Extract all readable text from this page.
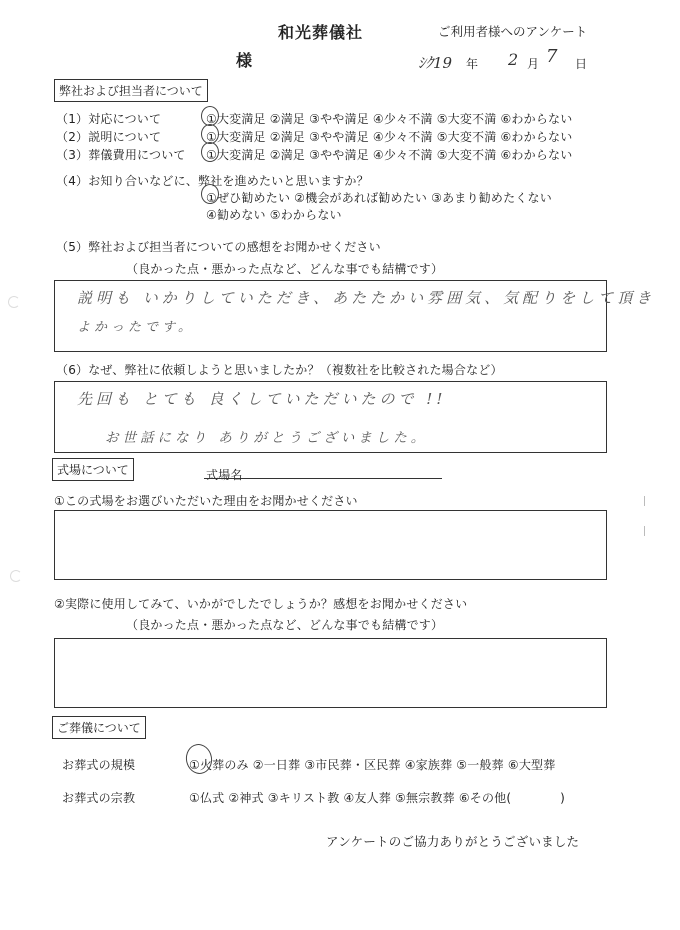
和光葬儀社	ご利用者様へのアンケート
様	ｼｸ19 年 2 月 7 日
弊社および担当者について
（1）対応について	①大変満足 ②満足 ③やや満足 ④少々不満 ⑤大変不満 ⑥わからない
（2）説明について	①大変満足 ②満足 ③やや満足 ④少々不満 ⑤大変不満 ⑥わからない
（3）葬儀費用について ①大変満足 ②満足 ③やや満足 ④少々不満 ⑤大変不満 ⑥わからない
（4）お知り合いなどに、弊社を進めたいと思いますか？
①ぜひ勧めたい ②機会があれば勧めたい ③あまり勧めたくない
④勧めない ⑤わからない
（5）弊社および担当者についての感想をお聞かせください
（良かった点・悪かった点など、どんな事でも結構です）
説明も いかりしていただき、あたたかい雰囲気、気配りをして頂き
よかったです。
（6）なぜ、弊社に依頼しようと思いましたか？（複数社を比較された場合など）
先回も とても 良くしていただいたので !!
お世話になり ありがとうございました。
式場について	式場名
①この式場をお選びいただいた理由をお聞かせください
②実際に使用してみて、いかがでしたでしょうか？感想をお聞かせください
（良かった点・悪かった点など、どんな事でも結構です）
ご葬儀について
お葬式の規模	①火葬のみ ②一日葬 ③市民葬・区民葬 ④家族葬 ⑤一般葬 ⑥大型葬
お葬式の宗教	①仏式 ②神式 ③キリスト教 ④友人葬 ⑤無宗教葬 ⑥その他(　　　　)
アンケートのご協力ありがとうございました
